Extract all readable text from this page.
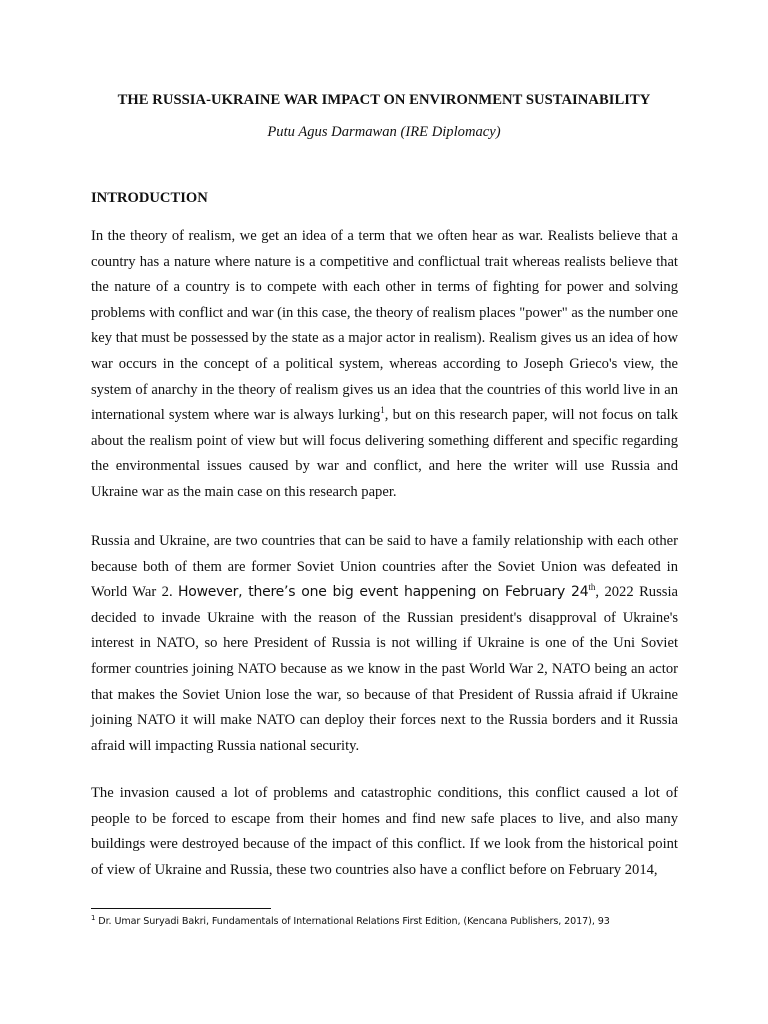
THE RUSSIA-UKRAINE WAR IMPACT ON ENVIRONMENT SUSTAINABILITY
Putu Agus Darmawan (IRE Diplomacy)
INTRODUCTION

In the theory of realism, we get an idea of a term that we often hear as war. Realists believe that a country has a nature where nature is a competitive and conflictual trait whereas realists believe that the nature of a country is to compete with each other in terms of fighting for power and solving problems with conflict and war (in this case, the theory of realism places "power" as the number one key that must be possessed by the state as a major actor in realism). Realism gives us an idea of how war occurs in the concept of a political system, whereas according to Joseph Grieco's view, the system of anarchy in the theory of realism gives us an idea that the countries of this world live in an international system where war is always lurking$^1$, but on this research paper, will not focus on talk about the realism point of view but will focus delivering something different and specific regarding the environmental issues caused by war and conflict, and here the writer will use Russia and Ukraine war as the main case on this research paper.

Russia and Ukraine, are two countries that can be said to have a family relationship with each other because both of them are former Soviet Union countries after the Soviet Union was defeated in World War 2. However, there’s one big event happening on February 24th, 2022 Russia decided to invade Ukraine with the reason of the Russian president's disapproval of Ukraine's interest in NATO, so here President of Russia is not willing if Ukraine is one of the Uni Soviet former countries joining NATO because as we know in the past World War 2, NATO being an actor that makes the Soviet Union lose the war, so because of that President of Russia afraid if Ukraine joining NATO it will make NATO can deploy their forces next to the Russia borders and it Russia afraid will impacting Russia national security.

The invasion caused a lot of problems and catastrophic conditions, this conflict caused a lot of people to be forced to escape from their homes and find new safe places to live, and also many buildings were destroyed because of the impact of this conflict. If we look from the historical point of view of Ukraine and Russia, these two countries also have a conflict before on February 2014,

$^1$ Dr. Umar Suryadi Bakri, Fundamentals of International Relations First Edition, (Kencana Publishers, 2017), 93
